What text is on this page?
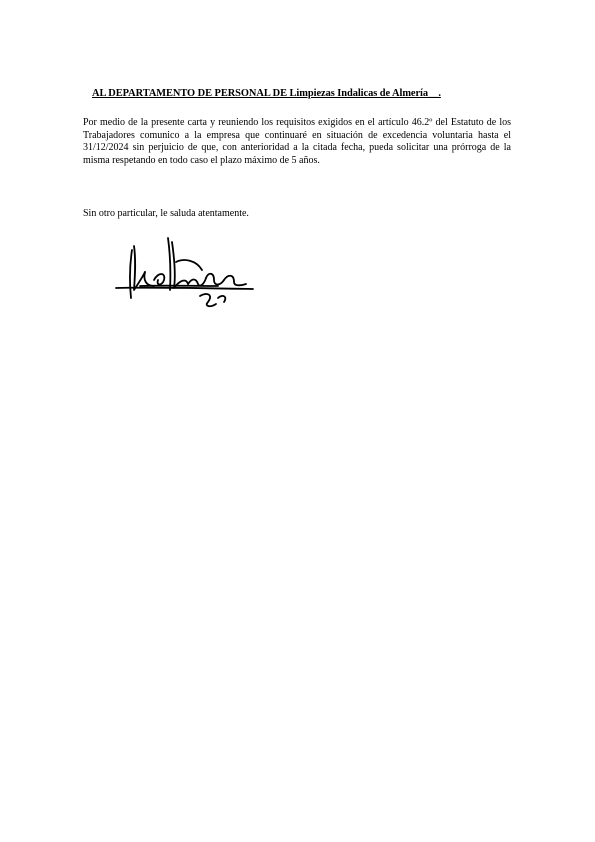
AL DEPARTAMENTO DE PERSONAL DE Limpiezas Indalicas de Almería__.
Por medio de la presente carta y reuniendo los requisitos exigidos en el artículo 46.2º del Estatuto de los Trabajadores comunico a la empresa que continuaré en situación de excedencia voluntaria hasta el 31/12/2024 sin perjuicio de que, con anterioridad a la citada fecha, pueda solicitar una prórroga de la misma respetando en todo caso el plazo máximo de 5 años.
Sin otro particular, le saluda atentamente.
